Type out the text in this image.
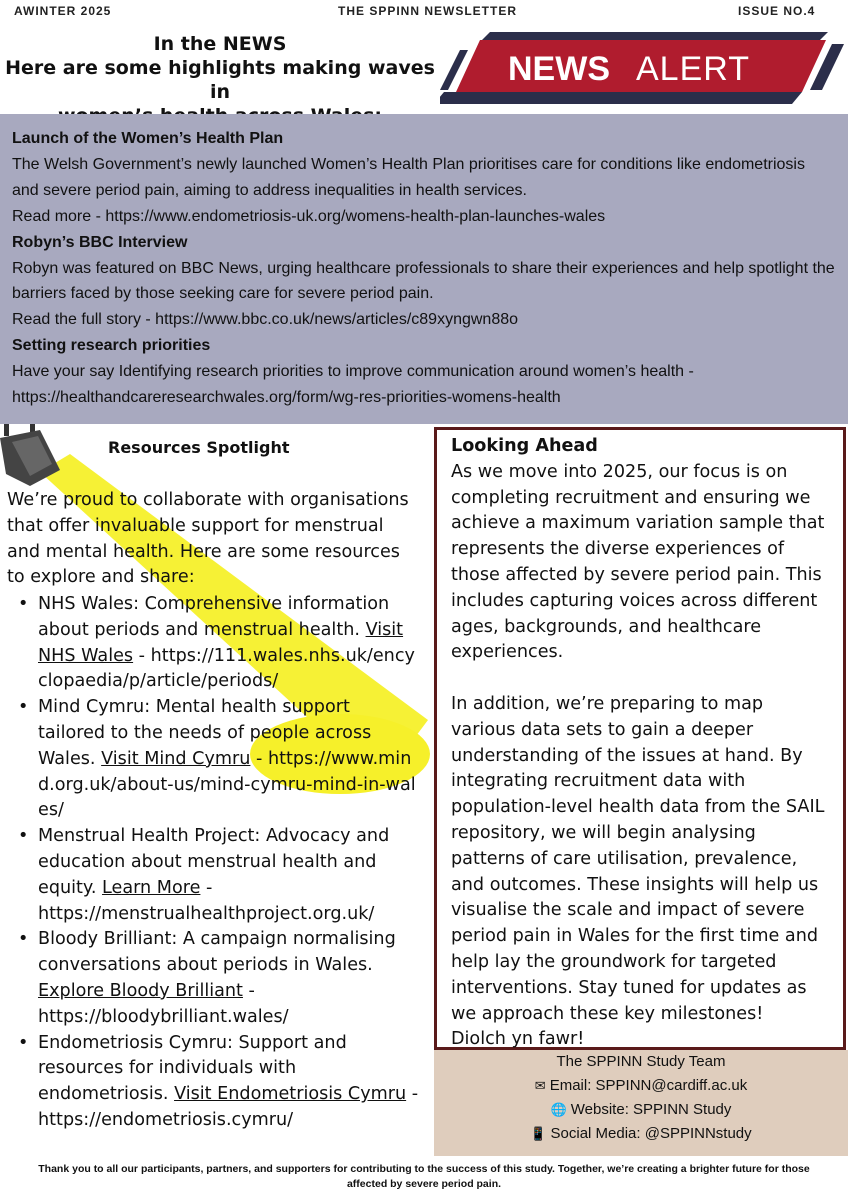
AWINTER 2025	THE SPPINN NEWSLETTER	ISSUE NO.4
In the NEWS
Here are some highlights making waves in
NEWS ALERT
Launch of the Women’s Health Plan
The Welsh Government’s newly launched Women’s Health Plan prioritises care for conditions like endometriosis and severe period pain, aiming to address inequalities in health services.
Read more - https://www.endometriosis-uk.org/womens-health-plan-launches-wales
Robyn’s BBC Interview
Robyn was featured on BBC News, urging healthcare professionals to share their experiences and help spotlight the barriers faced by those seeking care for severe period pain.
Read the full story - https://www.bbc.co.uk/news/articles/c89xyngwn88o
Setting research priorities
Have your say Identifying research priorities to improve communication around women’s health - https://healthandcareresearchwales.org/form/wg-res-priorities-womens-health
Resources Spotlight
We’re proud to collaborate with organisations that offer invaluable support for menstrual and mental health. Here are some resources to explore and share:
• NHS Wales: Comprehensive information about periods and menstrual health. Visit NHS Wales - https://111.wales.nhs.uk/encyclopaedia/p/article/periods/
• Mind Cymru: Mental health support tailored to the needs of people across Wales. Visit Mind Cymru - https://www.mind.org.uk/about-us/mind-cymru-mind-in-wales/
• Menstrual Health Project: Advocacy and education about menstrual health and equity. Learn More - https://menstrualhealthproject.org.uk/
• Bloody Brilliant: A campaign normalising conversations about periods in Wales. Explore Bloody Brilliant - https://bloodybrilliant.wales/
• Endometriosis Cymru: Support and resources for individuals with endometriosis. Visit Endometriosis Cymru - https://endometriosis.cymru/
Looking Ahead
As we move into 2025, our focus is on completing recruitment and ensuring we achieve a maximum variation sample that represents the diverse experiences of those affected by severe period pain. This includes capturing voices across different ages, backgrounds, and healthcare experiences.
In addition, we’re preparing to map various data sets to gain a deeper understanding of the issues at hand. By integrating recruitment data with population-level health data from the SAIL repository, we will begin analysing patterns of care utilisation, prevalence, and outcomes. These insights will help us visualise the scale and impact of severe period pain in Wales for the first time and help lay the groundwork for targeted interventions. Stay tuned for updates as we approach these key milestones!
Diolch yn fawr!
The SPPINN Study Team
✉ Email: SPPINN@cardiff.ac.uk
🌐 Website: SPPINN Study
📱 Social Media: @SPPINNstudy
Thank you to all our participants, partners, and supporters for contributing to the success of this study. Together, we’re creating a brighter future for those affected by severe period pain.
